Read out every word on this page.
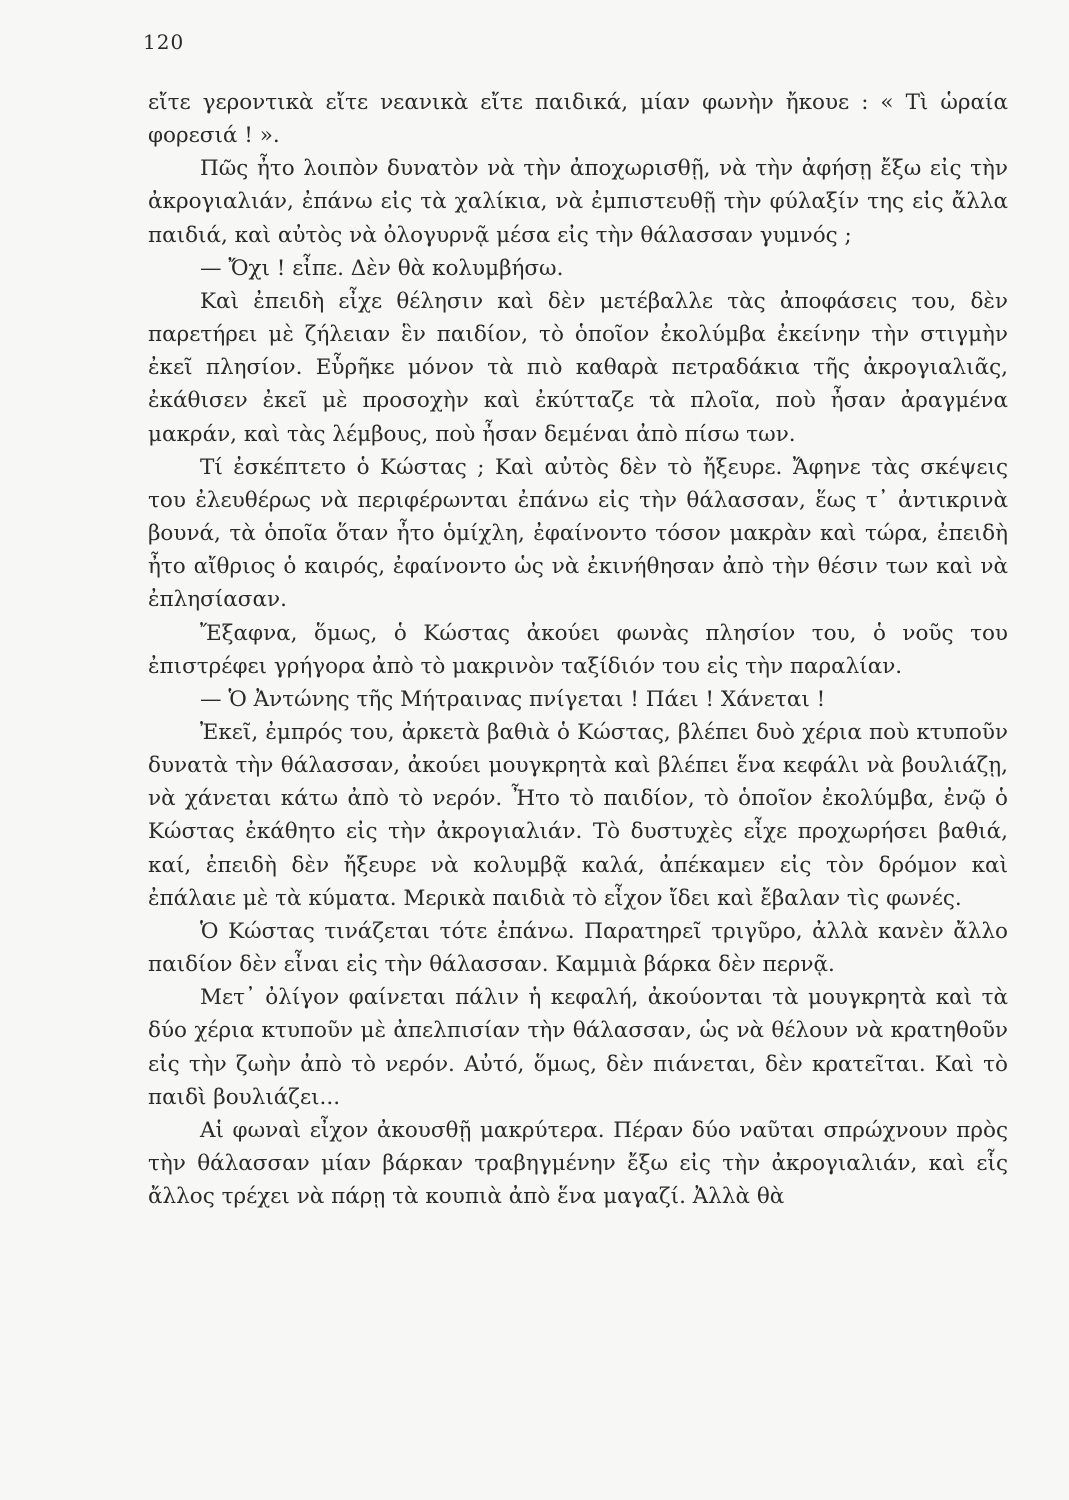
120

εἴτε γεροντικὰ εἴτε νεανικὰ εἴτε παιδικά, μίαν φωνὴν ἤκουε : « Τὶ ὡραία φορεσιά ! ».

Πῶς ἦτο λοιπὸν δυνατὸν νὰ τὴν ἀποχωρισθῇ, νὰ τὴν ἀφήσῃ ἔξω εἰς τὴν ἀκρογιαλιάν, ἐπάνω εἰς τὰ χαλίκια, νὰ ἐμπιστευθῇ τὴν φύλαξίν της εἰς ἄλλα παιδιά, καὶ αὐτὸς νὰ ὀλογυρνᾷ μέσα εἰς τὴν θάλασσαν γυμνός ;

— Ὄχι ! εἶπε. Δὲν θὰ κολυμβήσω.

Καὶ ἐπειδὴ εἶχε θέλησιν καὶ δὲν μετέβαλλε τὰς ἀποφάσεις του, δὲν παρετήρει μὲ ζήλειαν ἓν παιδίον, τὸ ὁποῖον ἐκολύμβα ἐκείνην τὴν στιγμὴν ἐκεῖ πλησίον. Εὗρῆκε μόνον τὰ πιὸ καθαρὰ πετραδάκια τῆς ἀκρογιαλιᾶς, ἐκάθισεν ἐκεῖ μὲ προσοχὴν καὶ ἐκύτταζε τὰ πλοῖα, ποὺ ἦσαν ἀραγμένα μακράν, καὶ τὰς λέμβους, ποὺ ἦσαν δεμέναι ἀπὸ πίσω των.

Τί ἐσκέπτετο ὁ Κώστας ; Καὶ αὐτὸς δὲν τὸ ἤξευρε. Ἄφηνε τὰς σκέψεις του ἐλευθέρως νὰ περιφέρωνται ἐπάνω εἰς τὴν θάλασσαν, ἕως τ᾽ ἀντικρινὰ βουνά, τὰ ὁποῖα ὅταν ἦτο ὁμίχλη, ἐφαίνοντο τόσον μακρὰν καὶ τώρα, ἐπειδὴ ἦτο αἴθριος ὁ καιρός, ἐφαίνοντο ὡς νὰ ἐκινήθησαν ἀπὸ τὴν θέσιν των καὶ νὰ ἐπλησίασαν.

Ἔξαφνα, ὅμως, ὁ Κώστας ἀκούει φωνὰς πλησίον του, ὁ νοῦς του ἐπιστρέφει γρήγορα ἀπὸ τὸ μακρινὸν ταξίδιόν του εἰς τὴν παραλίαν.

— Ὁ Ἀντώνης τῆς Μήτραινας πνίγεται ! Πάει ! Χάνεται !

Ἐκεῖ, ἐμπρός του, ἀρκετὰ βαθιὰ ὁ Κώστας, βλέπει δυὸ χέρια ποὺ κτυποῦν δυνατὰ τὴν θάλασσαν, ἀκούει μουγκρητὰ καὶ βλέπει ἕνα κεφάλι νὰ βουλιάζῃ, νὰ χάνεται κάτω ἀπὸ τὸ νερόν. Ἦτο τὸ παιδίον, τὸ ὁποῖον ἐκολύμβα, ἐνῷ ὁ Κώστας ἐκάθητο εἰς τὴν ἀκρογιαλιάν. Τὸ δυστυχὲς εἶχε προχωρήσει βαθιά, καί, ἐπειδὴ δὲν ἤξευρε νὰ κολυμβᾷ καλά, ἀπέκαμεν εἰς τὸν δρόμον καὶ ἐπάλαιε μὲ τὰ κύματα. Μερικὰ παιδιὰ τὸ εἶχον ἴδει καὶ ἔβαλαν τὶς φωνές.

Ὁ Κώστας τινάζεται τότε ἐπάνω. Παρατηρεῖ τριγῦρο, ἀλλὰ κανὲν ἄλλο παιδίον δὲν εἶναι εἰς τὴν θάλασσαν. Καμμιὰ βάρκα δὲν περνᾷ.

Μετ᾽ ὀλίγον φαίνεται πάλιν ἡ κεφαλή, ἀκούονται τὰ μουγκρητὰ καὶ τὰ δύο χέρια κτυποῦν μὲ ἀπελπισίαν τὴν θάλασσαν, ὡς νὰ θέλουν νὰ κρατηθοῦν εἰς τὴν ζωὴν ἀπὸ τὸ νερόν. Αὐτό, ὅμως, δὲν πιάνεται, δὲν κρατεῖται. Καὶ τὸ παιδὶ βουλιάζει...

Αἱ φωναὶ εἶχον ἀκουσθῇ μακρύτερα. Πέραν δύο ναῦται σπρώχνουν πρὸς τὴν θάλασσαν μίαν βάρκαν τραβηγμένην ἔξω εἰς τὴν ἀκρογιαλιάν, καὶ εἷς ἄλλος τρέχει νὰ πάρῃ τὰ κουπιὰ ἀπὸ ἕνα μαγαζί. Ἀλλὰ θὰ
